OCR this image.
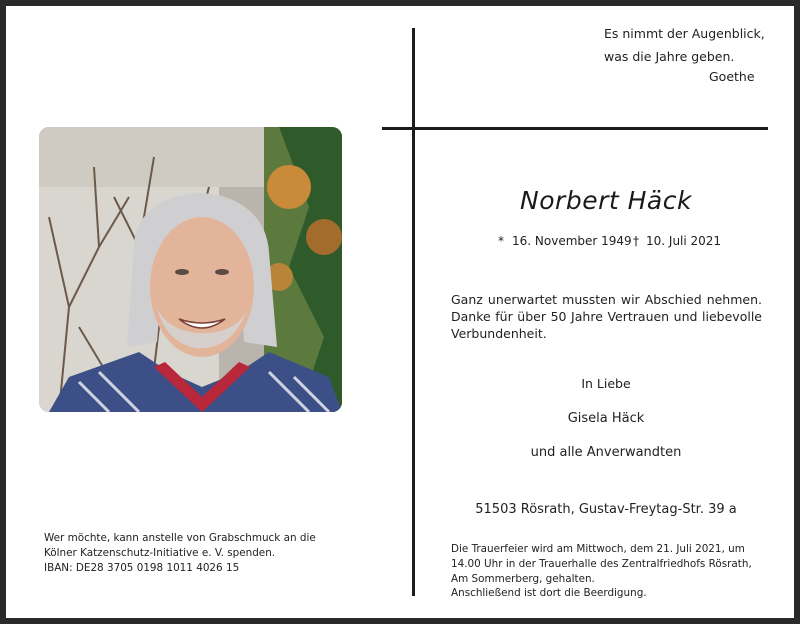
Es nimmt der Augenblick,
was die Jahre geben.
Goethe
Norbert Häck
* 16. November 1949 † 10. Juli 2021
Ganz unerwartet mussten wir Abschied nehmen. Danke für über 50 Jahre Vertrauen und liebevolle Verbundenheit.
In Liebe
Gisela Häck
und alle Anverwandten
51503 Rösrath, Gustav-Freytag-Str. 39 a
Wer möchte, kann anstelle von Grabschmuck an die
Kölner Katzenschutz-Initiative e. V. spenden.
IBAN: DE28 3705 0198 1011 4026 15
Die Trauerfeier wird am Mittwoch, dem 21. Juli 2021, um
14.00 Uhr in der Trauerhalle des Zentralfriedhofs Rösrath,
Am Sommerberg, gehalten.
Anschließend ist dort die Beerdigung.
